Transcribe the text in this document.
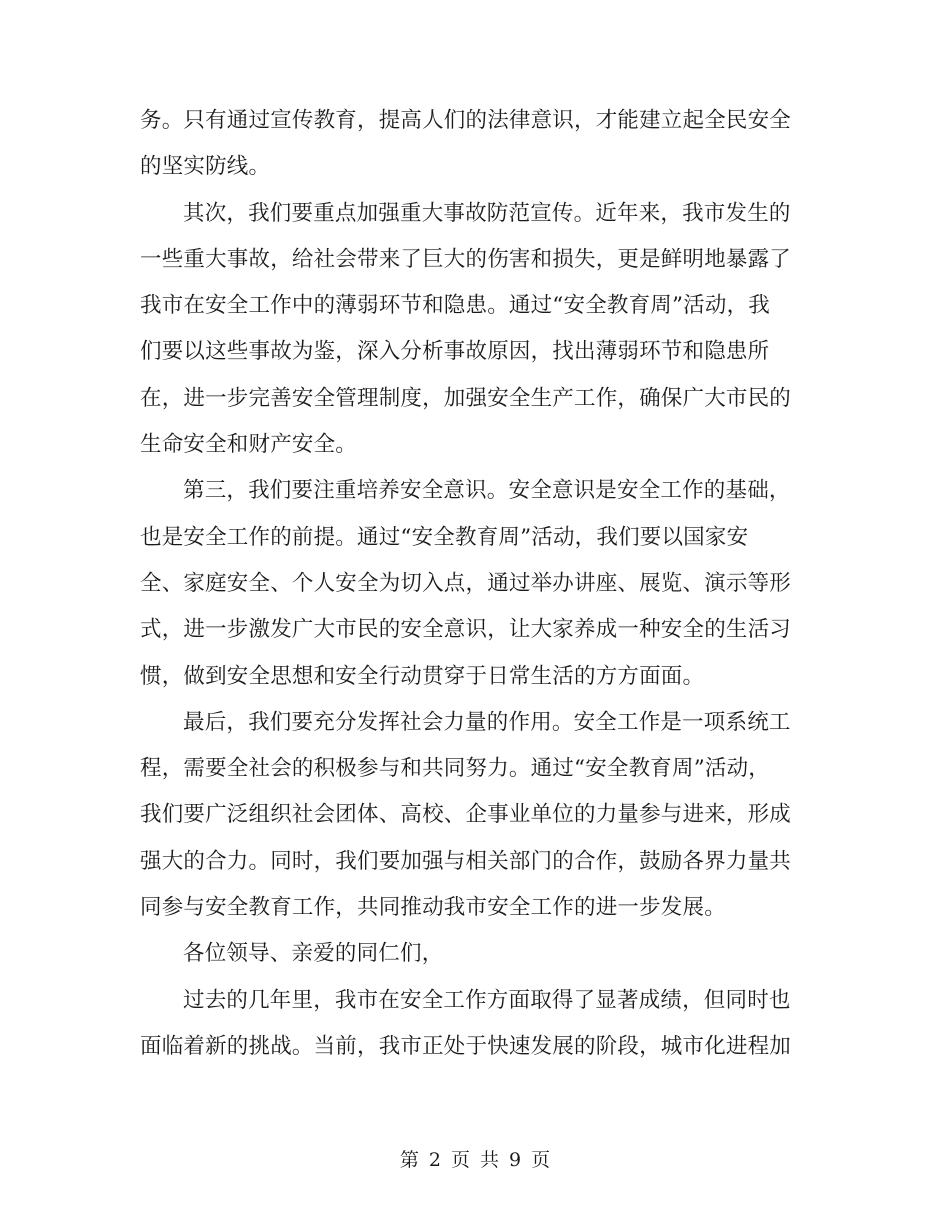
务。只有通过宣传教育，提高人们的法律意识，才能建立起全民安全
的坚实防线。
其次，我们要重点加强重大事故防范宣传。近年来，我市发生的
一些重大事故，给社会带来了巨大的伤害和损失，更是鲜明地暴露了
我市在安全工作中的薄弱环节和隐患。通过“安全教育周”活动，我
们要以这些事故为鉴，深入分析事故原因，找出薄弱环节和隐患所
在，进一步完善安全管理制度，加强安全生产工作，确保广大市民的
生命安全和财产安全。
第三，我们要注重培养安全意识。安全意识是安全工作的基础，
也是安全工作的前提。通过“安全教育周”活动，我们要以国家安
全、家庭安全、个人安全为切入点，通过举办讲座、展览、演示等形
式，进一步激发广大市民的安全意识，让大家养成一种安全的生活习
惯，做到安全思想和安全行动贯穿于日常生活的方方面面。
最后，我们要充分发挥社会力量的作用。安全工作是一项系统工
程，需要全社会的积极参与和共同努力。通过“安全教育周”活动，
我们要广泛组织社会团体、高校、企事业单位的力量参与进来，形成
强大的合力。同时，我们要加强与相关部门的合作，鼓励各界力量共
同参与安全教育工作，共同推动我市安全工作的进一步发展。
各位领导、亲爱的同仁们，
过去的几年里，我市在安全工作方面取得了显著成绩，但同时也
面临着新的挑战。当前，我市正处于快速发展的阶段，城市化进程加
第 2 页 共 9 页
